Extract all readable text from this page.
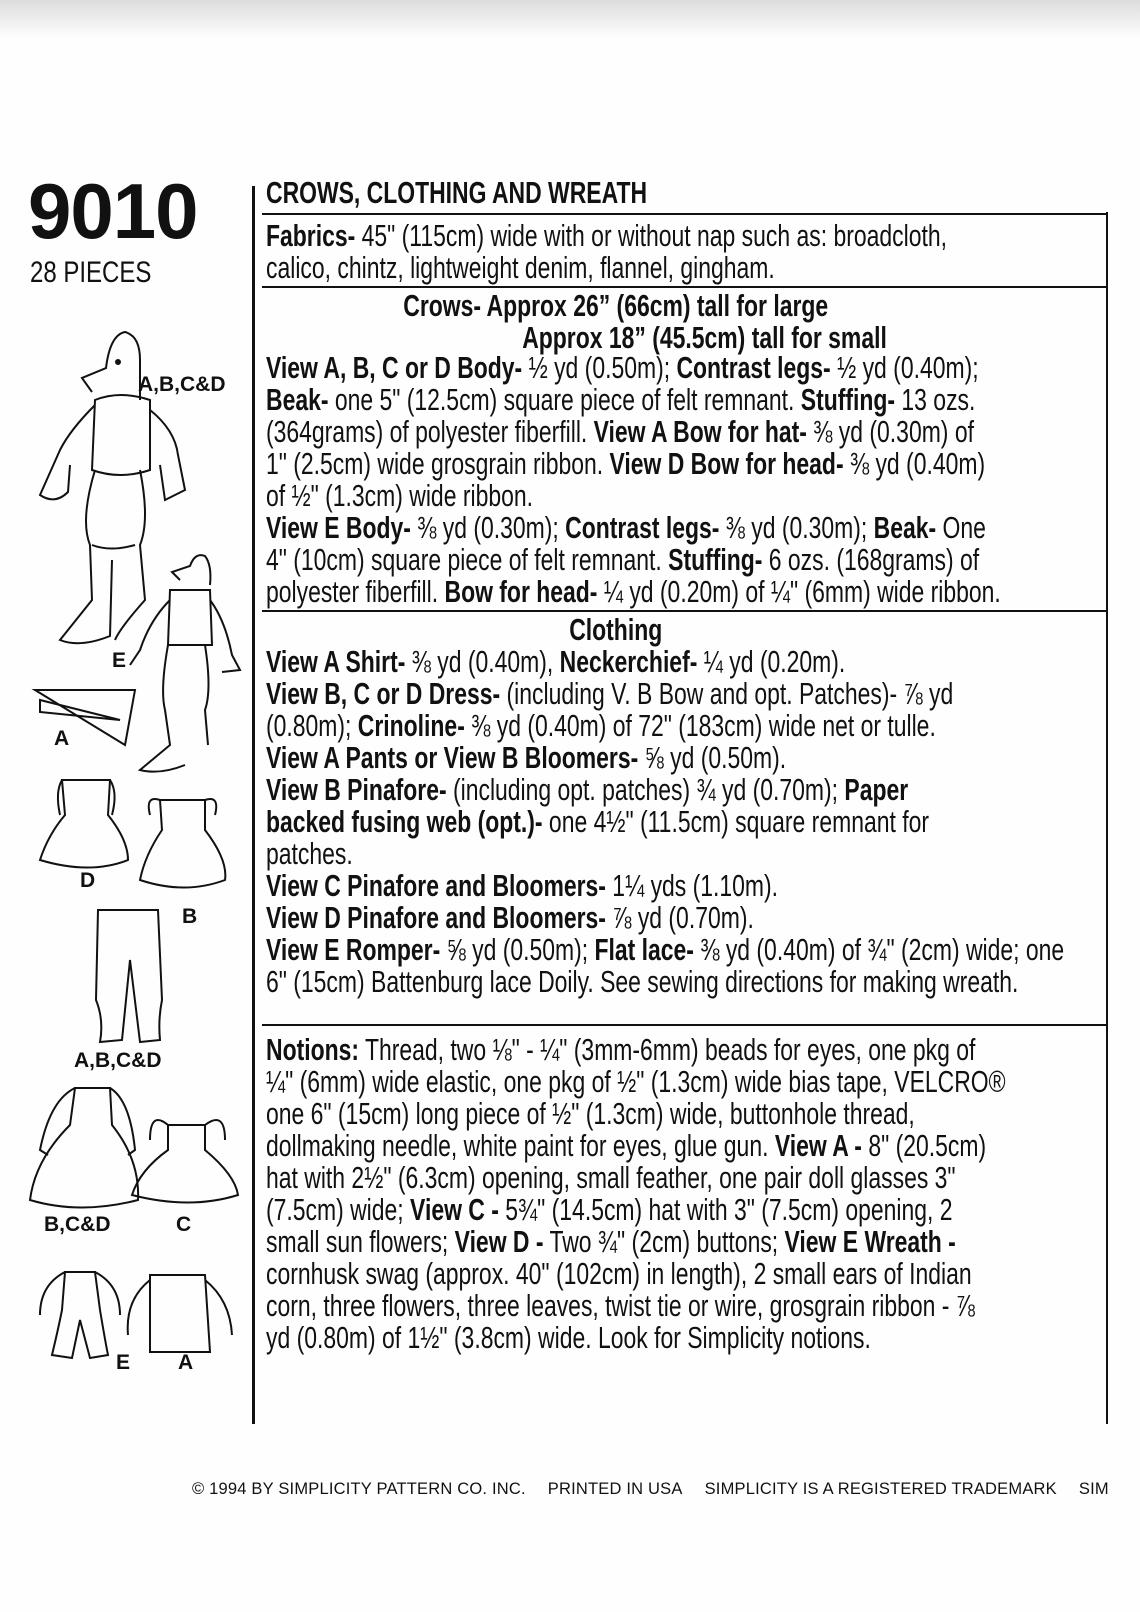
9010
28 PIECES
A,B,C&D
E
A
D
B
A,B,C&D
B,C&D	C
E A
CROWS, CLOTHING AND WREATH
Fabrics- 45" (115cm) wide with or without nap such as: broadcloth,
calico, chintz, lightweight denim, flannel, gingham.
Crows- Approx 26” (66cm) tall for large
Approx 18” (45.5cm) tall for small
View A, B, C or D Body- ½ yd (0.50m); Contrast legs- ½ yd (0.40m);
Beak- one 5" (12.5cm) square piece of felt remnant. Stuffing- 13 ozs.
(364grams) of polyester fiberfill. View A Bow for hat- ⅜ yd (0.30m) of
1" (2.5cm) wide grosgrain ribbon. View D Bow for head- ⅜ yd (0.40m)
of ½" (1.3cm) wide ribbon.
View E Body- ⅜ yd (0.30m); Contrast legs- ⅜ yd (0.30m); Beak- One
4" (10cm) square piece of felt remnant. Stuffing- 6 ozs. (168grams) of
polyester fiberfill. Bow for head- ¼ yd (0.20m) of ¼" (6mm) wide ribbon.
Clothing
View A Shirt- ⅜ yd (0.40m), Neckerchief- ¼ yd (0.20m).
View B, C or D Dress- (including V. B Bow and opt. Patches)- ⅞ yd
(0.80m); Crinoline- ⅜ yd (0.40m) of 72" (183cm) wide net or tulle.
View A Pants or View B Bloomers- ⅝ yd (0.50m).
View B Pinafore- (including opt. patches) ¾ yd (0.70m); Paper
backed fusing web (opt.)- one 4½" (11.5cm) square remnant for
patches.
View C Pinafore and Bloomers- 1¼ yds (1.10m).
View D Pinafore and Bloomers- ⅞ yd (0.70m).
View E Romper- ⅝ yd (0.50m); Flat lace- ⅜ yd (0.40m) of ¾" (2cm) wide; one
6" (15cm) Battenburg lace Doily. See sewing directions for making wreath.
Notions: Thread, two ⅛" - ¼" (3mm-6mm) beads for eyes, one pkg of
¼" (6mm) wide elastic, one pkg of ½" (1.3cm) wide bias tape, VELCRO®
one 6" (15cm) long piece of ½" (1.3cm) wide, buttonhole thread,
dollmaking needle, white paint for eyes, glue gun. View A - 8" (20.5cm)
hat with 2½" (6.3cm) opening, small feather, one pair doll glasses 3"
(7.5cm) wide; View C - 5¾" (14.5cm) hat with 3" (7.5cm) opening, 2
small sun flowers; View D - Two ¾" (2cm) buttons; View E Wreath -
cornhusk swag (approx. 40" (102cm) in length), 2 small ears of Indian
corn, three flowers, three leaves, twist tie or wire, grosgrain ribbon - ⅞
yd (0.80m) of 1½" (3.8cm) wide. Look for Simplicity notions.
© 1994 BY SIMPLICITY PATTERN CO. INC. PRINTED IN USA SIMPLICITY IS A REGISTERED TRADEMARK SIM
